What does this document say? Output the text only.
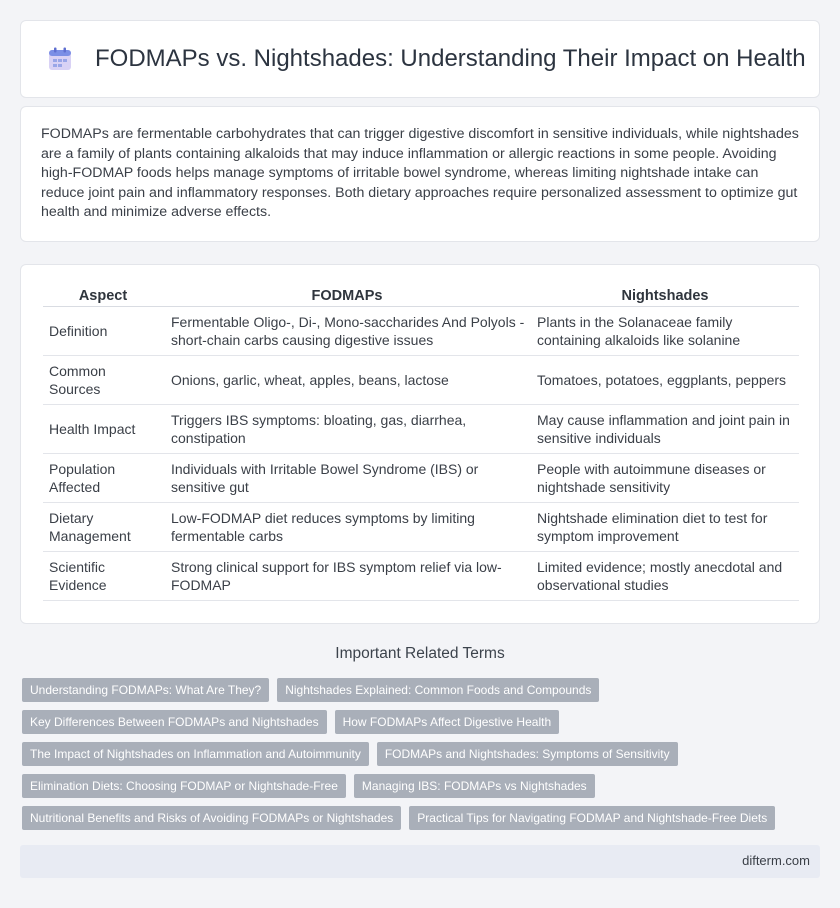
FODMAPs vs. Nightshades: Understanding Their Impact on Health

FODMAPs are fermentable carbohydrates that can trigger digestive discomfort in sensitive individuals, while nightshades are a family of plants containing alkaloids that may induce inflammation or allergic reactions in some people. Avoiding high-FODMAP foods helps manage symptoms of irritable bowel syndrome, whereas limiting nightshade intake can reduce joint pain and inflammatory responses. Both dietary approaches require personalized assessment to optimize gut health and minimize adverse effects.

Aspect	FODMAPs	Nightshades
Definition	Fermentable Oligo-, Di-, Mono-saccharides And Polyols - short-chain carbs causing digestive issues	Plants in the Solanaceae family containing alkaloids like solanine
Common Sources	Onions, garlic, wheat, apples, beans, lactose	Tomatoes, potatoes, eggplants, peppers
Health Impact	Triggers IBS symptoms: bloating, gas, diarrhea, constipation	May cause inflammation and joint pain in sensitive individuals
Population Affected	Individuals with Irritable Bowel Syndrome (IBS) or sensitive gut	People with autoimmune diseases or nightshade sensitivity
Dietary Management	Low-FODMAP diet reduces symptoms by limiting fermentable carbs	Nightshade elimination diet to test for symptom improvement
Scientific Evidence	Strong clinical support for IBS symptom relief via low-FODMAP	Limited evidence; mostly anecdotal and observational studies
Important Related Terms
Understanding FODMAPs: What Are They?	Nightshades Explained: Common Foods and Compounds
Key Differences Between FODMAPs and Nightshades	How FODMAPs Affect Digestive Health
The Impact of Nightshades on Inflammation and Autoimmunity	FODMAPs and Nightshades: Symptoms of Sensitivity
Elimination Diets: Choosing FODMAP or Nightshade-Free	Managing IBS: FODMAPs vs Nightshades
Nutritional Benefits and Risks of Avoiding FODMAPs or Nightshades	Practical Tips for Navigating FODMAP and Nightshade-Free Diets
difterm.com
